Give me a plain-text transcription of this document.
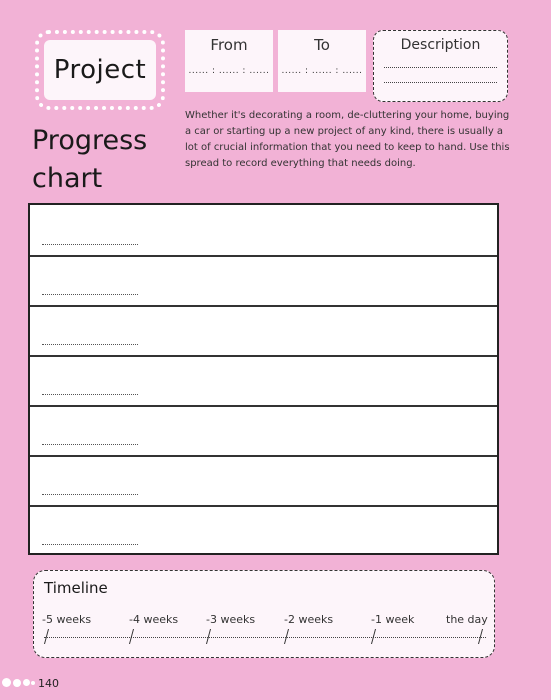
Project
From
...... : ...... : ......
To
...... : ...... : ......
Description
Progress
chart
Whether it's decorating a room, de-cluttering your home, buying a car or starting up a new project of any kind, there is usually a lot of crucial information that you need to keep to hand. Use this spread to record everything that needs doing.
Timeline
-5 weeks	-4 weeks	-3 weeks	-2 weeks	-1 week	the day
140
